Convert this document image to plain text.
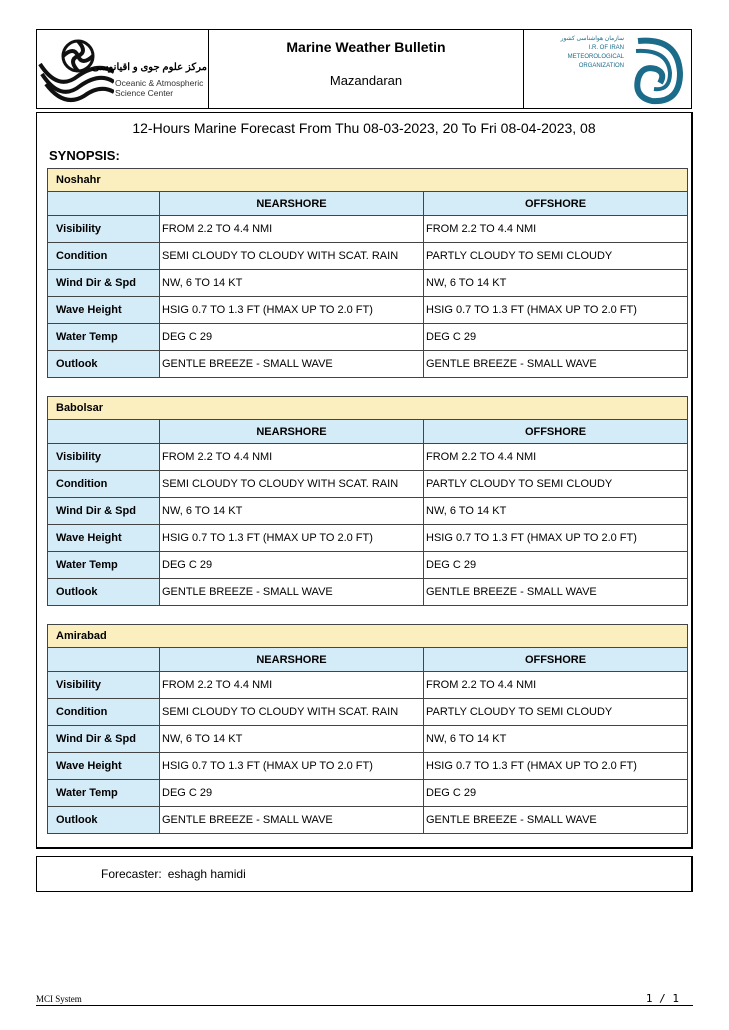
مرکز علوم جوی و اقیانوسی
Oceanic & Atmospheric
Science Center
Marine Weather Bulletin
Mazandaran
سازمان هواشناسی کشور
I.R. OF IRAN
METEOROLOGICAL
ORGANIZATION
12-Hours Marine Forecast From Thu 08-03-2023, 20 To Fri 08-04-2023, 08
SYNOPSIS:
Noshahr		
	NEARSHORE	OFFSHORE
Visibility	FROM 2.2 TO 4.4 NMI	FROM 2.2 TO 4.4 NMI
Condition	SEMI CLOUDY TO CLOUDY WITH SCAT. RAIN	PARTLY CLOUDY TO SEMI CLOUDY
Wind Dir & Spd	NW, 6 TO 14 KT	NW, 6 TO 14 KT
Wave Height	HSIG 0.7 TO 1.3 FT (HMAX UP TO 2.0 FT)	HSIG 0.7 TO 1.3 FT (HMAX UP TO 2.0 FT)
Water Temp	DEG C 29	DEG C 29
Outlook	GENTLE BREEZE - SMALL WAVE	GENTLE BREEZE - SMALL WAVE
Babolsar		
	NEARSHORE	OFFSHORE
Visibility	FROM 2.2 TO 4.4 NMI	FROM 2.2 TO 4.4 NMI
Condition	SEMI CLOUDY TO CLOUDY WITH SCAT. RAIN	PARTLY CLOUDY TO SEMI CLOUDY
Wind Dir & Spd	NW, 6 TO 14 KT	NW, 6 TO 14 KT
Wave Height	HSIG 0.7 TO 1.3 FT (HMAX UP TO 2.0 FT)	HSIG 0.7 TO 1.3 FT (HMAX UP TO 2.0 FT)
Water Temp	DEG C 29	DEG C 29
Outlook	GENTLE BREEZE - SMALL WAVE	GENTLE BREEZE - SMALL WAVE
Amirabad		
	NEARSHORE	OFFSHORE
Visibility	FROM 2.2 TO 4.4 NMI	FROM 2.2 TO 4.4 NMI
Condition	SEMI CLOUDY TO CLOUDY WITH SCAT. RAIN	PARTLY CLOUDY TO SEMI CLOUDY
Wind Dir & Spd	NW, 6 TO 14 KT	NW, 6 TO 14 KT
Wave Height	HSIG 0.7 TO 1.3 FT (HMAX UP TO 2.0 FT)	HSIG 0.7 TO 1.3 FT (HMAX UP TO 2.0 FT)
Water Temp	DEG C 29	DEG C 29
Outlook	GENTLE BREEZE - SMALL WAVE	GENTLE BREEZE - SMALL WAVE
Forecaster: eshagh hamidi
MCI System	1 / 1
